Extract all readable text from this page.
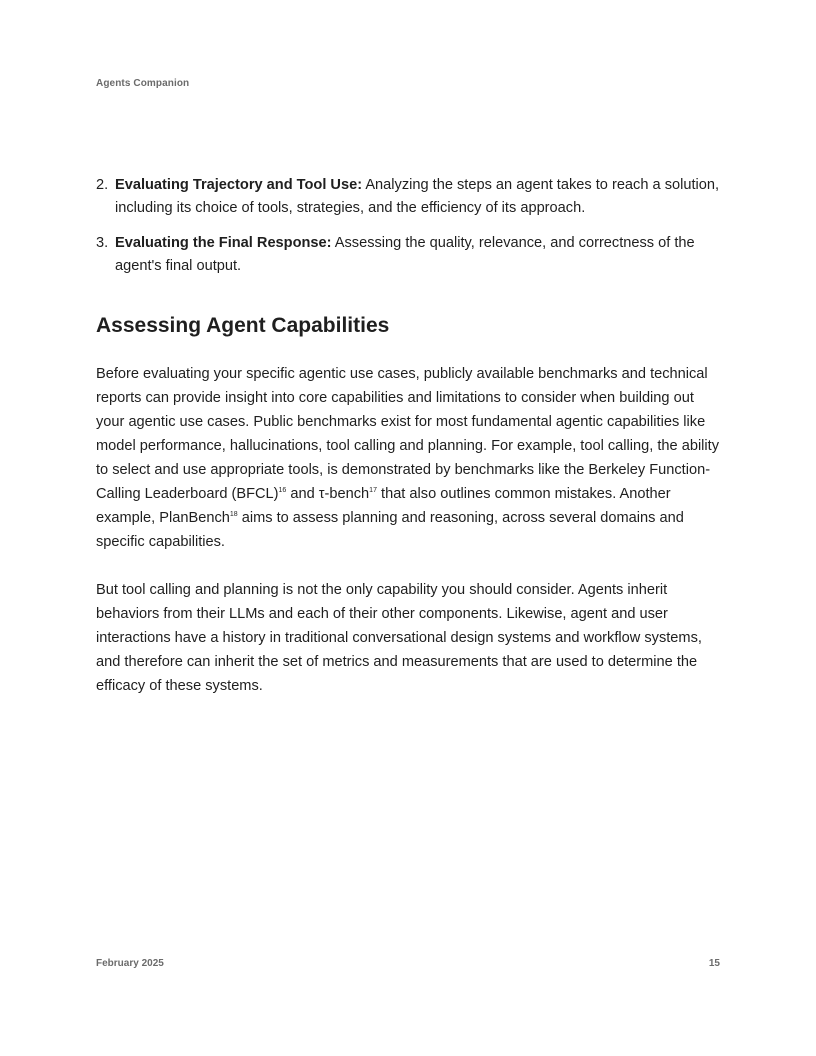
Agents Companion
2. Evaluating Trajectory and Tool Use: Analyzing the steps an agent takes to reach a solution, including its choice of tools, strategies, and the efficiency of its approach.
3. Evaluating the Final Response: Assessing the quality, relevance, and correctness of the agent's final output.
Assessing Agent Capabilities

Before evaluating your specific agentic use cases, publicly available benchmarks and technical reports can provide insight into core capabilities and limitations to consider when building out your agentic use cases. Public benchmarks exist for most fundamental agentic capabilities like model performance, hallucinations, tool calling and planning. For example, tool calling, the ability to select and use appropriate tools, is demonstrated by benchmarks like the Berkeley Function-Calling Leaderboard (BFCL)$^{16}$ and τ-bench$^{17}$ that also outlines common mistakes. Another example, PlanBench$^{18}$ aims to assess planning and reasoning, across several domains and specific capabilities.

But tool calling and planning is not the only capability you should consider. Agents inherit behaviors from their LLMs and each of their other components. Likewise, agent and user interactions have a history in traditional conversational design systems and workflow systems, and therefore can inherit the set of metrics and measurements that are used to determine the efficacy of these systems.

February 2025	15
